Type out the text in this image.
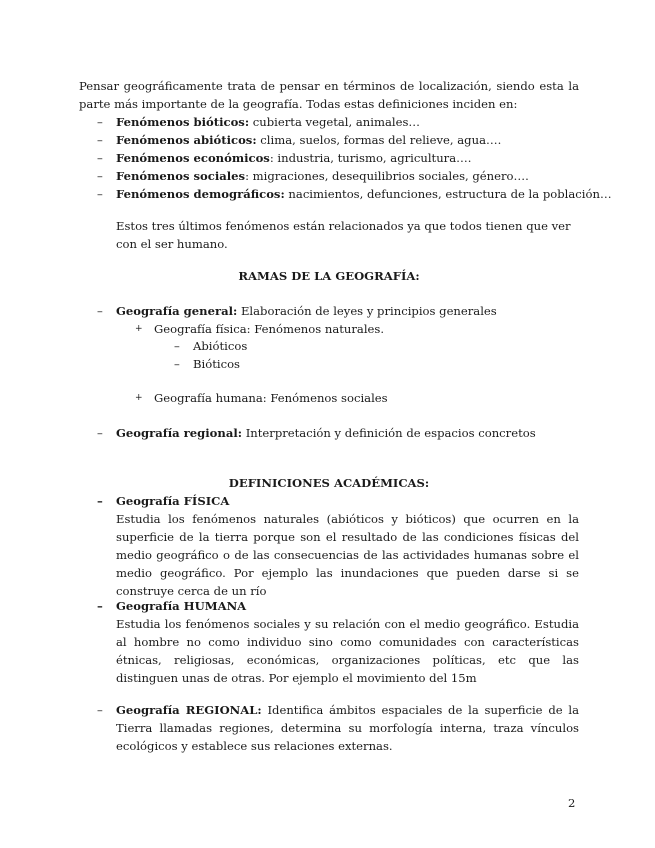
Pensar geográficamente trata de pensar en términos de localización, siendo esta la parte más importante de la geografía. Todas estas definiciones inciden en:

– Fenómenos bióticos: cubierta vegetal, animales…
– Fenómenos abióticos: clima, suelos, formas del relieve, agua….
– Fenómenos económicos: industria, turismo, agricultura….
– Fenómenos sociales: migraciones, desequilibrios sociales, género….
– Fenómenos demográficos: nacimientos, defunciones, estructura de la población…

Estos tres últimos fenómenos están relacionados ya que todos tienen que ver con el ser humano.

RAMAS DE LA GEOGRAFÍA:
– Geografía general: Elaboración de leyes y principios generales
+ Geografía física: Fenómenos naturales.
– Abióticos
– Bióticos
+ Geografía humana: Fenómenos sociales
– Geografía regional: Interpretación y definición de espacios concretos
DEFINICIONES ACADÉMICAS:
– Geografía FÍSICA

Estudia los fenómenos naturales (abióticos y bióticos) que ocurren en la superficie de la tierra porque son el resultado de las condiciones físicas del medio geográfico o de las consecuencias de las actividades humanas sobre el medio geográfico. Por ejemplo las inundaciones que pueden darse si se construye cerca de un río

– Geografía HUMANA

Estudia los fenómenos sociales y su relación con el medio geográfico. Estudia al hombre no como individuo sino como comunidades con características étnicas, religiosas, económicas, organizaciones políticas, etc que las distinguen unas de otras. Por ejemplo el movimiento del 15m

– Geografía REGIONAL: Identifica ámbitos espaciales de la superficie de la Tierra llamadas regiones, determina su morfología interna, traza vínculos ecológicos y establece sus relaciones externas.

2
